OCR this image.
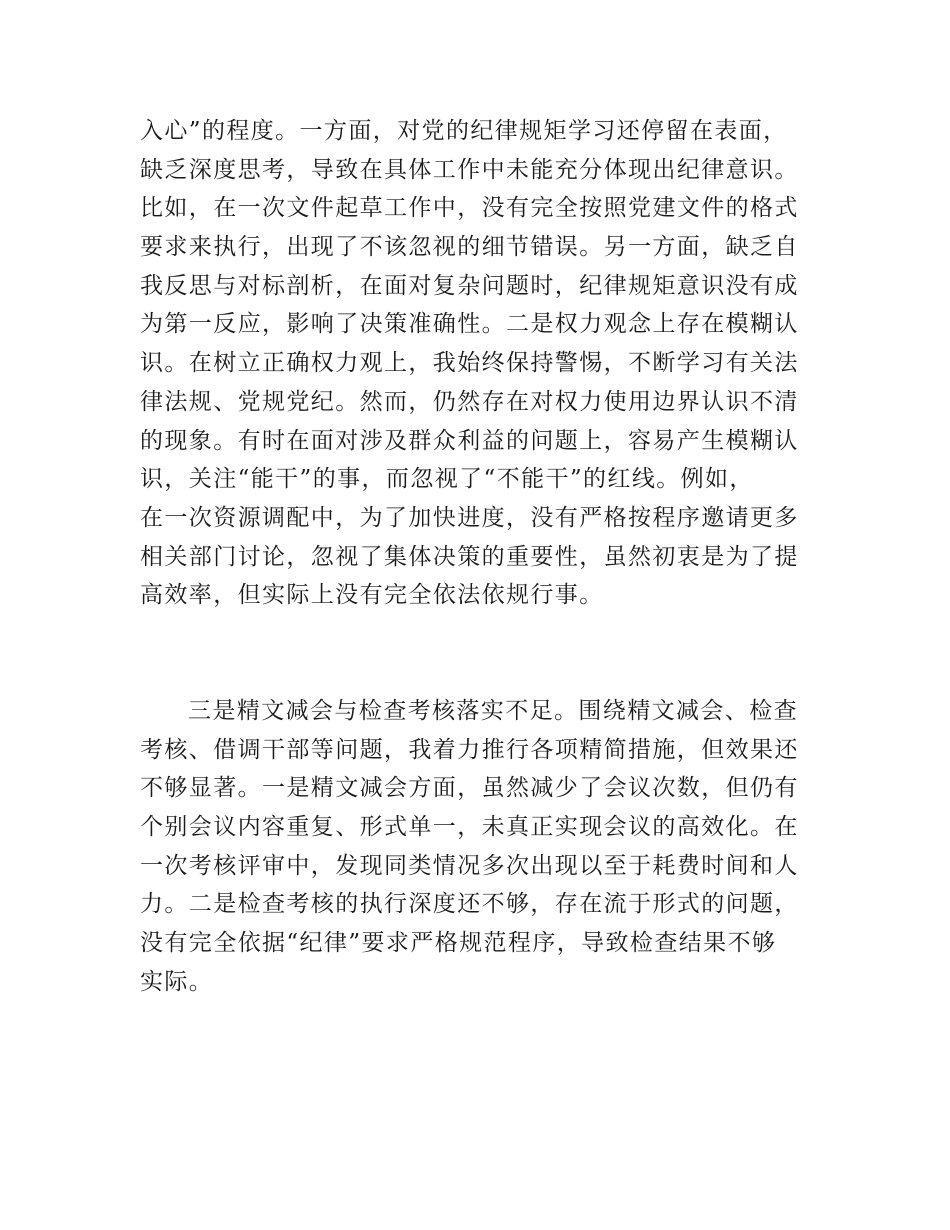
入心”的程度。一方面，对党的纪律规矩学习还停留在表面，
缺乏深度思考，导致在具体工作中未能充分体现出纪律意识。
比如，在一次文件起草工作中，没有完全按照党建文件的格式
要求来执行，出现了不该忽视的细节错误。另一方面，缺乏自
我反思与对标剖析，在面对复杂问题时，纪律规矩意识没有成
为第一反应，影响了决策准确性。二是权力观念上存在模糊认
识。在树立正确权力观上，我始终保持警惕，不断学习有关法
律法规、党规党纪。然而，仍然存在对权力使用边界认识不清
的现象。有时在面对涉及群众利益的问题上，容易产生模糊认
识，关注“能干”的事，而忽视了“不能干”的红线。例如，
在一次资源调配中，为了加快进度，没有严格按程序邀请更多
相关部门讨论，忽视了集体决策的重要性，虽然初衷是为了提
高效率，但实际上没有完全依法依规行事。
三是精文减会与检查考核落实不足。围绕精文减会、检查
考核、借调干部等问题，我着力推行各项精简措施，但效果还
不够显著。一是精文减会方面，虽然减少了会议次数，但仍有
个别会议内容重复、形式单一，未真正实现会议的高效化。在
一次考核评审中，发现同类情况多次出现以至于耗费时间和人
力。二是检查考核的执行深度还不够，存在流于形式的问题，
没有完全依据“纪律”要求严格规范程序，导致检查结果不够
实际。
